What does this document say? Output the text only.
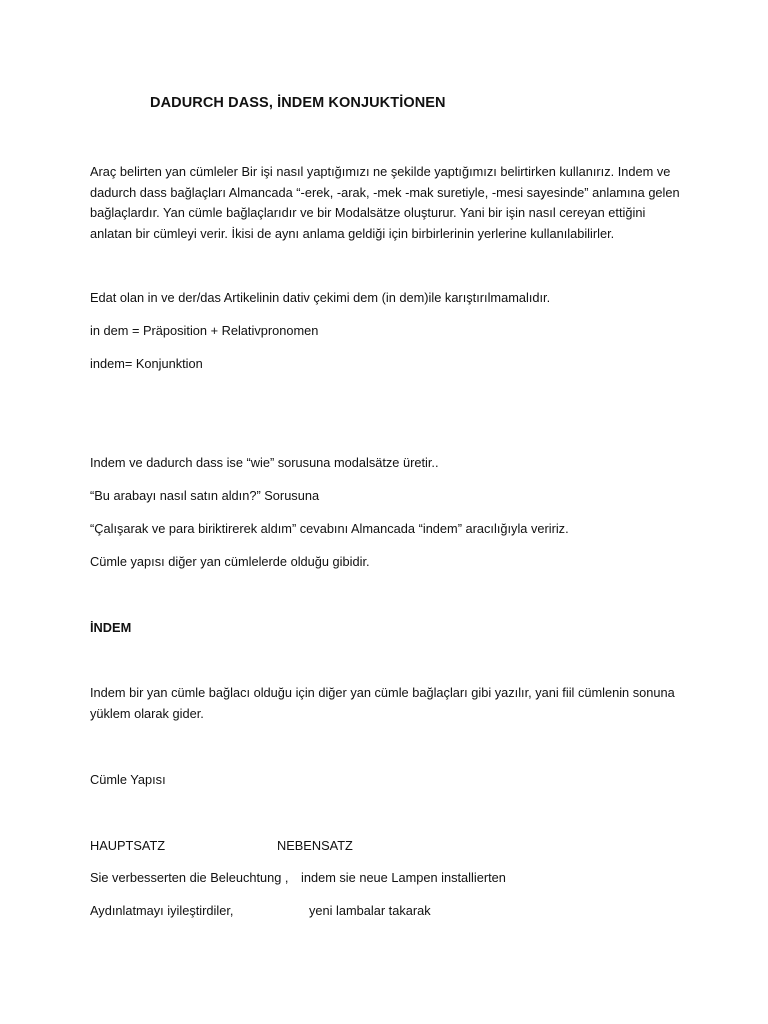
DADURCH DASS, İNDEM KONJUKTİONEN
Araç belirten yan cümleler Bir işi nasıl yaptığımızı ne şekilde yaptığımızı belirtirken kullanırız. Indem ve dadurch dass bağlaçları Almancada “-erek, -arak, -mek -mak suretiyle, -mesi sayesinde” anlamına gelen bağlaçlardır. Yan cümle bağlaçlarıdır ve bir Modalsätze oluşturur. Yani bir işin nasıl cereyan ettiğini anlatan bir cümleyi verir. İkisi de aynı anlama geldiği için birbirlerinin yerlerine kullanılabilirler.
Edat olan in ve der/das Artikelinin dativ çekimi dem (in dem)ile karıştırılmamalıdır.
in dem = Präposition + Relativpronomen
indem= Konjunktion
Indem ve dadurch dass ise “wie” sorusuna modalsätze üretir..
“Bu arabayı nasıl satın aldın?” Sorusuna
“Çalışarak ve para biriktirerek aldım” cevabını Almancada “indem” aracılığıyla veririz.
Cümle yapısı diğer yan cümlelerde olduğu gibidir.
İNDEM
Indem bir yan cümle bağlacı olduğu için diğer yan cümle bağlaçları gibi yazılır, yani fiil cümlenin sonuna yüklem olarak gider.
Cümle Yapısı
HAUPTSATZ	NEBENSATZ
Sie verbesserten die Beleuchtung , indem sie neue Lampen installierten
Aydınlatmayı iyileştirdiler,	yeni lambalar takarak
